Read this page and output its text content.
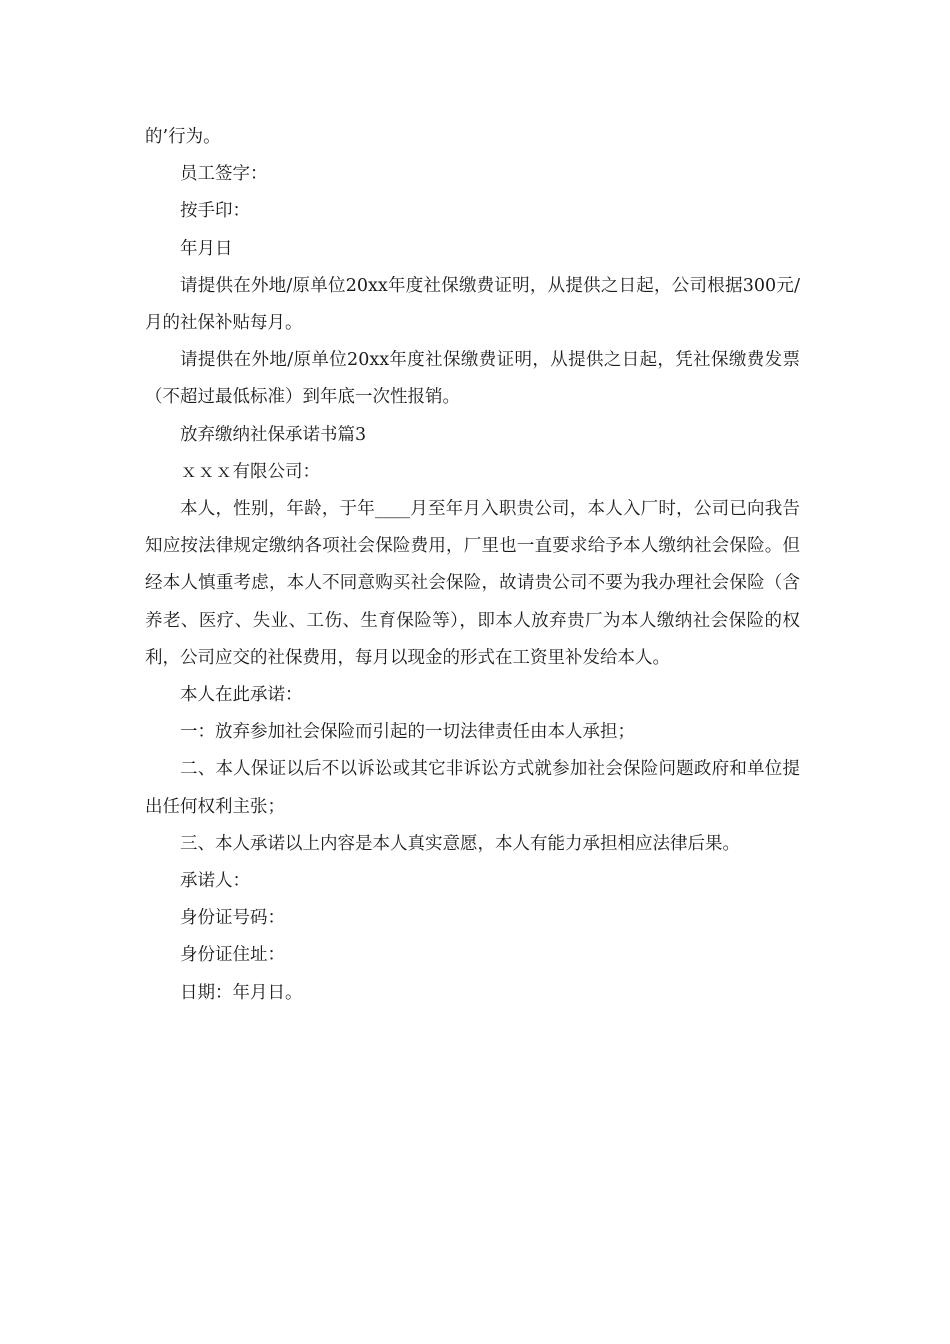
的’行为。

员工签字：

按手印：

年月日

请提供在外地/原单位20xx年度社保缴费证明，从提供之日起，公司根据300元/月的社保补贴每月。

请提供在外地/原单位20xx年度社保缴费证明，从提供之日起，凭社保缴费发票（不超过最低标准）到年底一次性报销。

放弃缴纳社保承诺书篇3

ｘｘｘ有限公司：

本人，性别，年龄，于年____月至年月入职贵公司，本人入厂时，公司已向我告知应按法律规定缴纳各项社会保险费用，厂里也一直要求给予本人缴纳社会保险。但经本人慎重考虑，本人不同意购买社会保险，故请贵公司不要为我办理社会保险（含养老、医疗、失业、工伤、生育保险等），即本人放弃贵厂为本人缴纳社会保险的权利，公司应交的社保费用，每月以现金的形式在工资里补发给本人。

本人在此承诺：

一：放弃参加社会保险而引起的一切法律责任由本人承担；

二、本人保证以后不以诉讼或其它非诉讼方式就参加社会保险问题政府和单位提出任何权利主张；

三、本人承诺以上内容是本人真实意愿，本人有能力承担相应法律后果。

承诺人：

身份证号码：

身份证住址：

日期：年月日。
